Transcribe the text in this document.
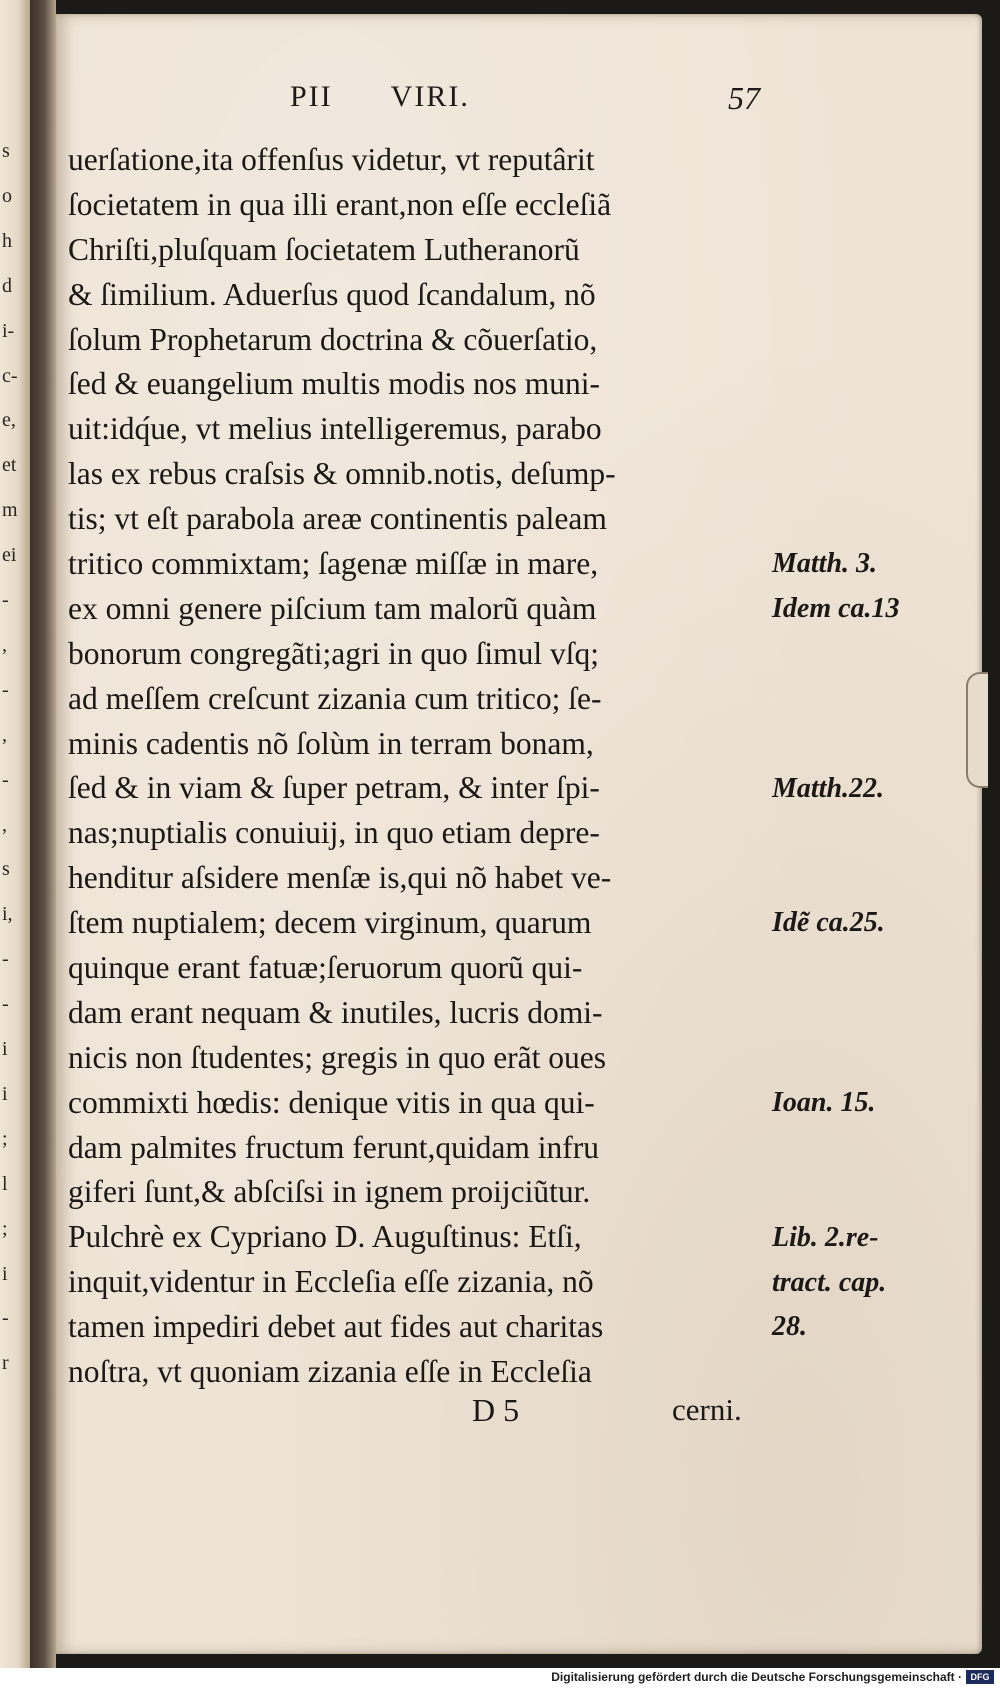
s
o
h
d
i-
c-
e,
et
m
ei
-
,
-
,
-
,
s
i,
-
-
i
i
;
l
;
i
-
r
PII VIRI.	57
uerſatione,ita offenſus videtur, vt reputârit
ſocietatem in qua illi erant,non eſſe eccleſiã
Chriſti,pluſquam ſocietatem Lutheranorũ
& ſimilium. Aduerſus quod ſcandalum, nõ
ſolum Prophetarum doctrina & cõuerſatio,
ſed & euangelium multis modis nos muni-
uit:idq́ue, vt melius intelligeremus, parabo
las ex rebus craſsis & omnib.notis, deſump-
tis; vt eſt parabola areæ continentis paleam
tritico commixtam; ſagenæ miſſæ in mare,
ex omni genere piſcium tam malorũ quàm
bonorum congregãti;agri in quo ſimul vſq;
ad meſſem creſcunt zizania cum tritico; ſe-
minis cadentis nõ ſolùm in terram bonam,
ſed & in viam & ſuper petram, & inter ſpi-
nas;nuptialis conuiuij, in quo etiam depre-
henditur aſsidere menſæ is,qui nõ habet ve-
ſtem nuptialem; decem virginum, quarum
quinque erant fatuæ;ſeruorum quorũ qui-
dam erant nequam & inutiles, lucris domi-
nicis non ſtudentes; gregis in quo erãt oues
commixti hœdis: denique vitis in qua qui-
dam palmites fructum ferunt,quidam infru
giferi ſunt,& abſciſsi in ignem proijciũtur.
Pulchrè ex Cypriano D. Auguſtinus: Etſi,
inquit,videntur in Eccleſia eſſe zizania, nõ
tamen impediri debet aut fides aut charitas
noſtra, vt quoniam zizania eſſe in Eccleſia
Matth. 3.
Idem ca.13
Matth.22.
Idẽ ca.25.
Ioan. 15.
Lib. 2.re-
tract. cap.
28.
D 5	cerni.
Digitalisierung gefördert durch die Deutsche Forschungsgemeinschaft · DFG
